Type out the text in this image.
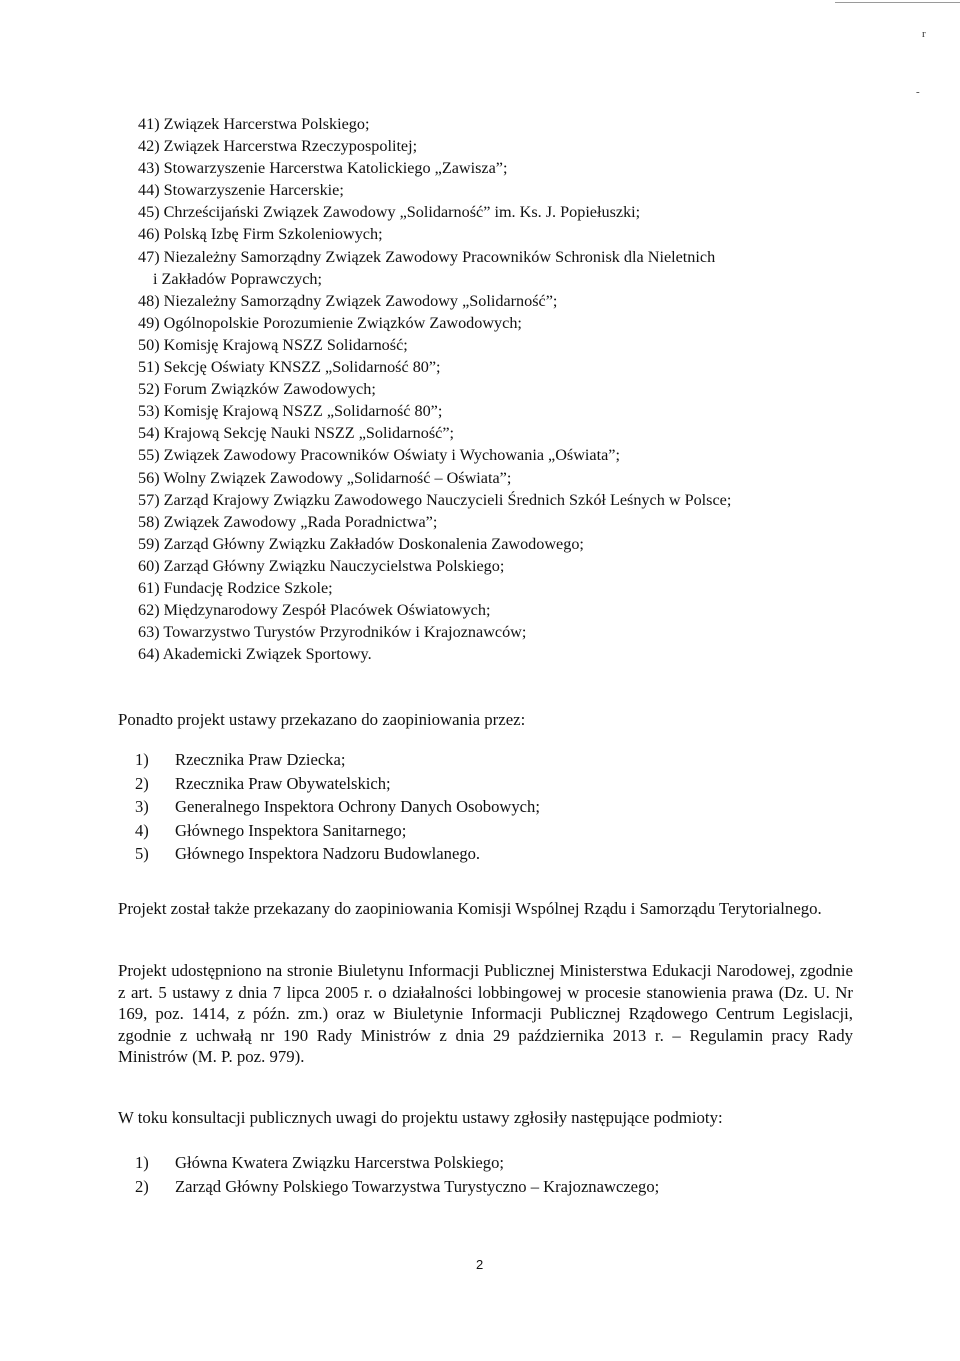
r
-
41) Związek Harcerstwa Polskiego;
42) Związek Harcerstwa Rzeczypospolitej;
43) Stowarzyszenie Harcerstwa Katolickiego „Zawisza”;
44) Stowarzyszenie Harcerskie;
45) Chrześcijański Związek Zawodowy „Solidarność” im. Ks. J. Popiełuszki;
46) Polską Izbę Firm Szkoleniowych;
47) Niezależny Samorządny Związek Zawodowy Pracowników Schronisk dla Nieletnich
i Zakładów Poprawczych;
48) Niezależny Samorządny Związek Zawodowy „Solidarność”;
49) Ogólnopolskie Porozumienie Związków Zawodowych;
50) Komisję Krajową NSZZ Solidarność;
51) Sekcję Oświaty KNSZZ „Solidarność 80”;
52) Forum Związków Zawodowych;
53) Komisję Krajową NSZZ „Solidarność 80”;
54) Krajową Sekcję Nauki NSZZ „Solidarność”;
55) Związek Zawodowy Pracowników Oświaty i Wychowania „Oświata”;
56) Wolny Związek Zawodowy „Solidarność – Oświata”;
57) Zarząd Krajowy Związku Zawodowego Nauczycieli Średnich Szkół Leśnych w Polsce;
58) Związek Zawodowy „Rada Poradnictwa”;
59) Zarząd Główny Związku Zakładów Doskonalenia Zawodowego;
60) Zarząd Główny Związku Nauczycielstwa Polskiego;
61) Fundację Rodzice Szkole;
62) Międzynarodowy Zespół Placówek Oświatowych;
63) Towarzystwo Turystów Przyrodników i Krajoznawców;
64) Akademicki Związek Sportowy.

Ponadto projekt ustawy przekazano do zaopiniowania przez:

1)	Rzecznika Praw Dziecka;
2)	Rzecznika Praw Obywatelskich;
3)	Generalnego Inspektora Ochrony Danych Osobowych;
4)	Głównego Inspektora Sanitarnego;
5)	Głównego Inspektora Nadzoru Budowlanego.

Projekt został także przekazany do zaopiniowania Komisji Wspólnej Rządu i Samorządu Terytorialnego.

Projekt udostępniono na stronie Biuletynu Informacji Publicznej Ministerstwa Edukacji Narodowej, zgodnie z art. 5 ustawy z dnia 7 lipca 2005 r. o działalności lobbingowej w procesie stanowienia prawa (Dz. U. Nr 169, poz. 1414, z późn. zm.) oraz w Biuletynie Informacji Publicznej Rządowego Centrum Legislacji, zgodnie z uchwałą nr 190 Rady Ministrów z dnia 29 października 2013 r. – Regulamin pracy Rady Ministrów (M. P. poz. 979).

W toku konsultacji publicznych uwagi do projektu ustawy zgłosiły następujące podmioty:

1)	Główna Kwatera Związku Harcerstwa Polskiego;
2)	Zarząd Główny Polskiego Towarzystwa Turystyczno – Krajoznawczego;
2
